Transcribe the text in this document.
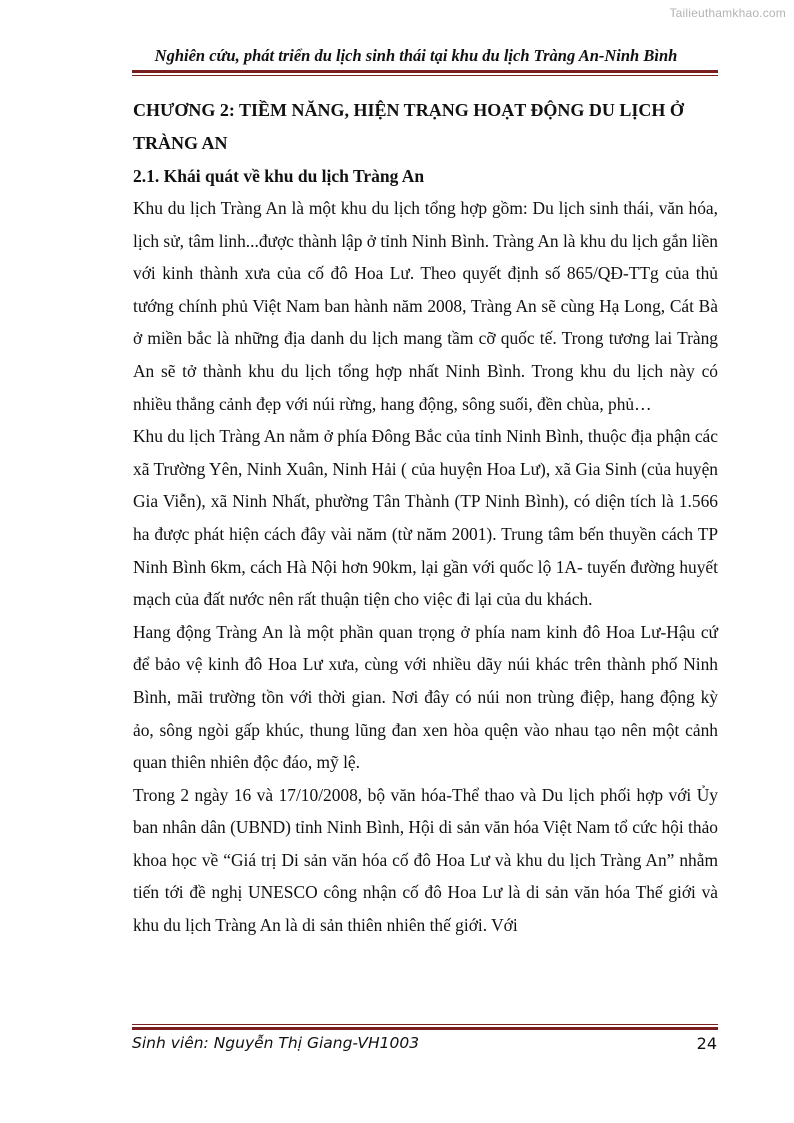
Tailieuthamkhao.com
Nghiên cứu, phát triển du lịch sinh thái tại khu du lịch Tràng An-Ninh Bình
CHƯƠNG 2: TIỀM NĂNG, HIỆN TRẠNG HOẠT ĐỘNG DU LỊCH Ở TRÀNG AN
2.1. Khái quát về khu du lịch Tràng An

Khu du lịch Tràng An là một khu du lịch tổng hợp gồm: Du lịch sinh thái, văn hóa, lịch sử, tâm linh...được thành lập ở tỉnh Ninh Bình. Tràng An là khu du lịch gắn liền với kinh thành xưa của cố đô Hoa Lư. Theo quyết định số 865/QĐ-TTg của thủ tướng chính phủ Việt Nam ban hành năm 2008, Tràng An sẽ cùng Hạ Long, Cát Bà ở miền bắc là những địa danh du lịch mang tầm cỡ quốc tế. Trong tương lai Tràng An sẽ tở thành khu du lịch tổng hợp nhất Ninh Bình. Trong khu du lịch này có nhiều thắng cảnh đẹp với núi rừng, hang động, sông suối, đền chùa, phủ…

Khu du lịch Tràng An nằm ở phía Đông Bắc của tỉnh Ninh Bình, thuộc địa phận các xã Trường Yên, Ninh Xuân, Ninh Hải ( của huyện Hoa Lư), xã Gia Sinh (của huyện Gia Viễn), xã Ninh Nhất, phường Tân Thành (TP Ninh Bình), có diện tích là 1.566 ha được phát hiện cách đây vài năm (từ năm 2001). Trung tâm bến thuyền cách TP Ninh Bình 6km, cách Hà Nội hơn 90km, lại gần với quốc lộ 1A- tuyến đường huyết mạch của đất nước nên rất thuận tiện cho việc đi lại của du khách.

Hang động Tràng An là một phần quan trọng ở phía nam kinh đô Hoa Lư-Hậu cứ để bảo vệ kinh đô Hoa Lư xưa, cùng với nhiều dãy núi khác trên thành phố Ninh Bình, mãi trường tồn với thời gian. Nơi đây có núi non trùng điệp, hang động kỳ ảo, sông ngòi gấp khúc, thung lũng đan xen hòa quện vào nhau tạo nên một cảnh quan thiên nhiên độc đáo, mỹ lệ.

Trong 2 ngày 16 và 17/10/2008, bộ văn hóa-Thể thao và Du lịch phối hợp với Ủy ban nhân dân (UBND) tỉnh Ninh Bình, Hội di sản văn hóa Việt Nam tổ cức hội thảo khoa học về “Giá trị Di sản văn hóa cố đô Hoa Lư và khu du lịch Tràng An” nhằm tiến tới đề nghị UNESCO công nhận cố đô Hoa Lư là di sản văn hóa Thế giới và khu du lịch Tràng An là di sản thiên nhiên thế giới. Với

Sinh viên: Nguyễn Thị Giang-VH1003	24
